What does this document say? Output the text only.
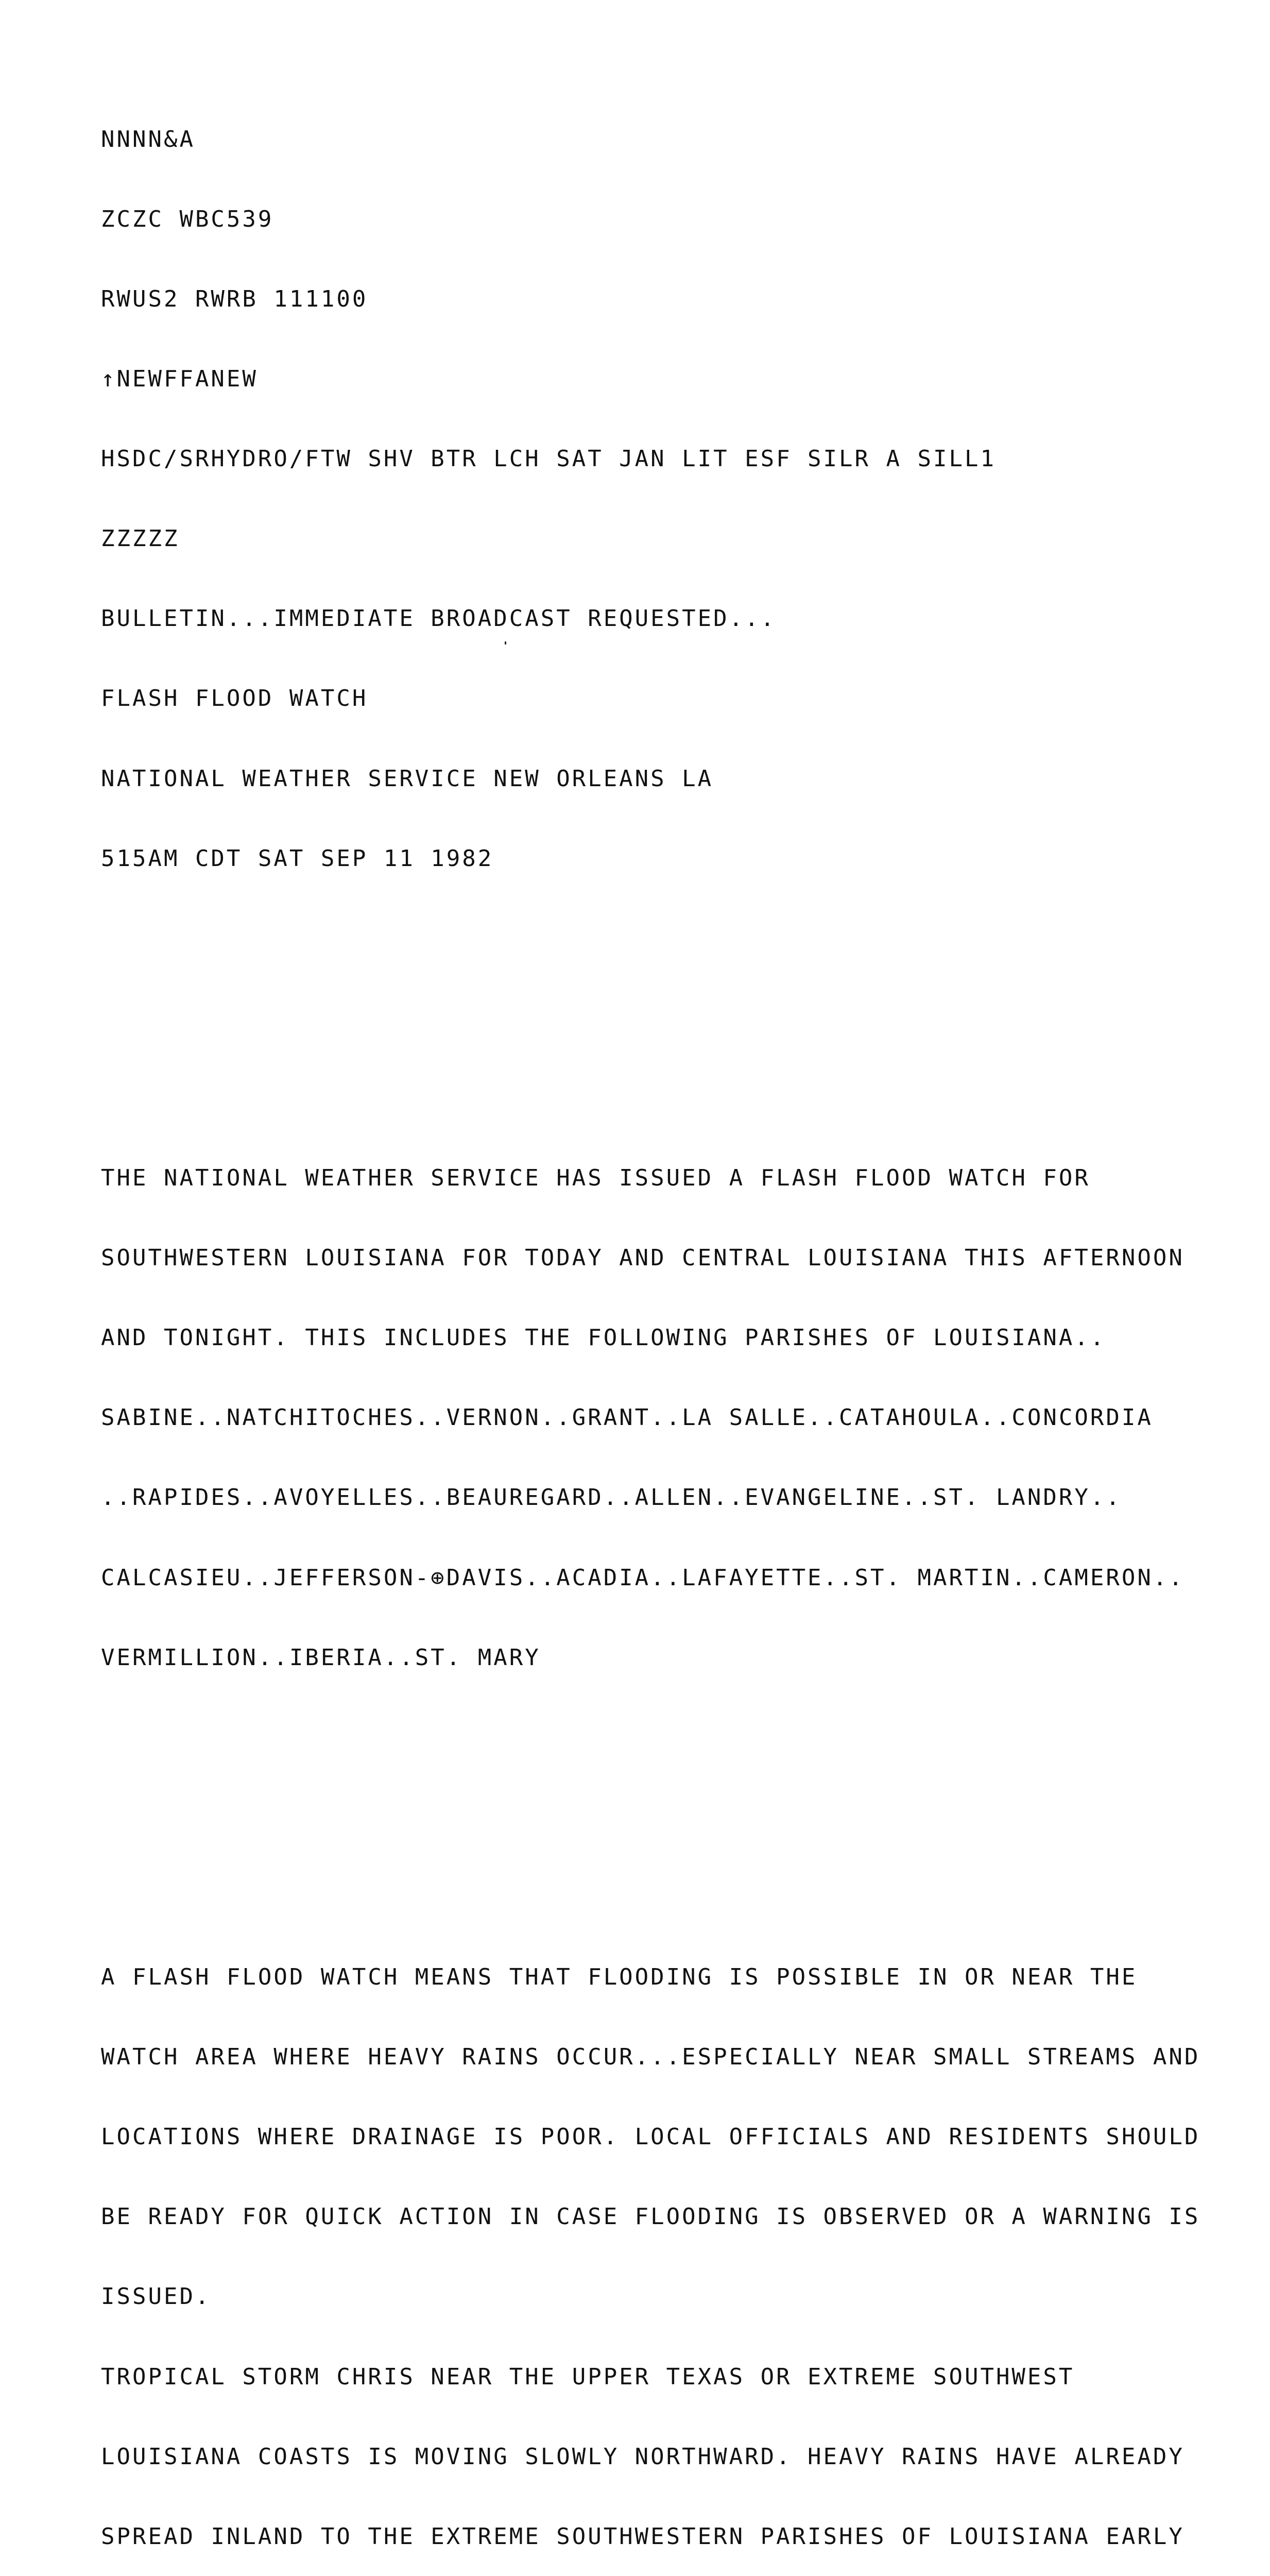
NNNN&A

ZCZC WBC539

RWUS2 RWRB 111100

↑NEWFFANEW

HSDC/SRHYDRO/FTW SHV BTR LCH SAT JAN LIT ESF SILR A SILL1

ZZZZZ

BULLETIN...IMMEDIATE BROADCAST REQUESTED...

FLASH FLOOD WATCH

NATIONAL WEATHER SERVICE NEW ORLEANS LA

515AM CDT SAT SEP 11 1982

THE NATIONAL WEATHER SERVICE HAS ISSUED A FLASH FLOOD WATCH FOR

SOUTHWESTERN LOUISIANA FOR TODAY AND CENTRAL LOUISIANA THIS AFTERNOON

AND TONIGHT. THIS INCLUDES THE FOLLOWING PARISHES OF LOUISIANA..

SABINE..NATCHITOCHES..VERNON..GRANT..LA SALLE..CATAHOULA..CONCORDIA

..RAPIDES..AVOYELLES..BEAUREGARD..ALLEN..EVANGELINE..ST. LANDRY..

CALCASIEU..JEFFERSON-⊕DAVIS..ACADIA..LAFAYETTE..ST. MARTIN..CAMERON..

VERMILLION..IBERIA..ST. MARY

A FLASH FLOOD WATCH MEANS THAT FLOODING IS POSSIBLE IN OR NEAR THE

WATCH AREA WHERE HEAVY RAINS OCCUR...ESPECIALLY NEAR SMALL STREAMS AND

LOCATIONS WHERE DRAINAGE IS POOR. LOCAL OFFICIALS AND RESIDENTS SHOULD

BE READY FOR QUICK ACTION IN CASE FLOODING IS OBSERVED OR A WARNING IS

ISSUED.

TROPICAL STORM CHRIS NEAR THE UPPER TEXAS OR EXTREME SOUTHWEST

LOUISIANA COASTS IS MOVING SLOWLY NORTHWARD. HEAVY RAINS HAVE ALREADY

SPREAD INLAND TO THE EXTREME SOUTHWESTERN PARISHES OF LOUISIANA EARLY
